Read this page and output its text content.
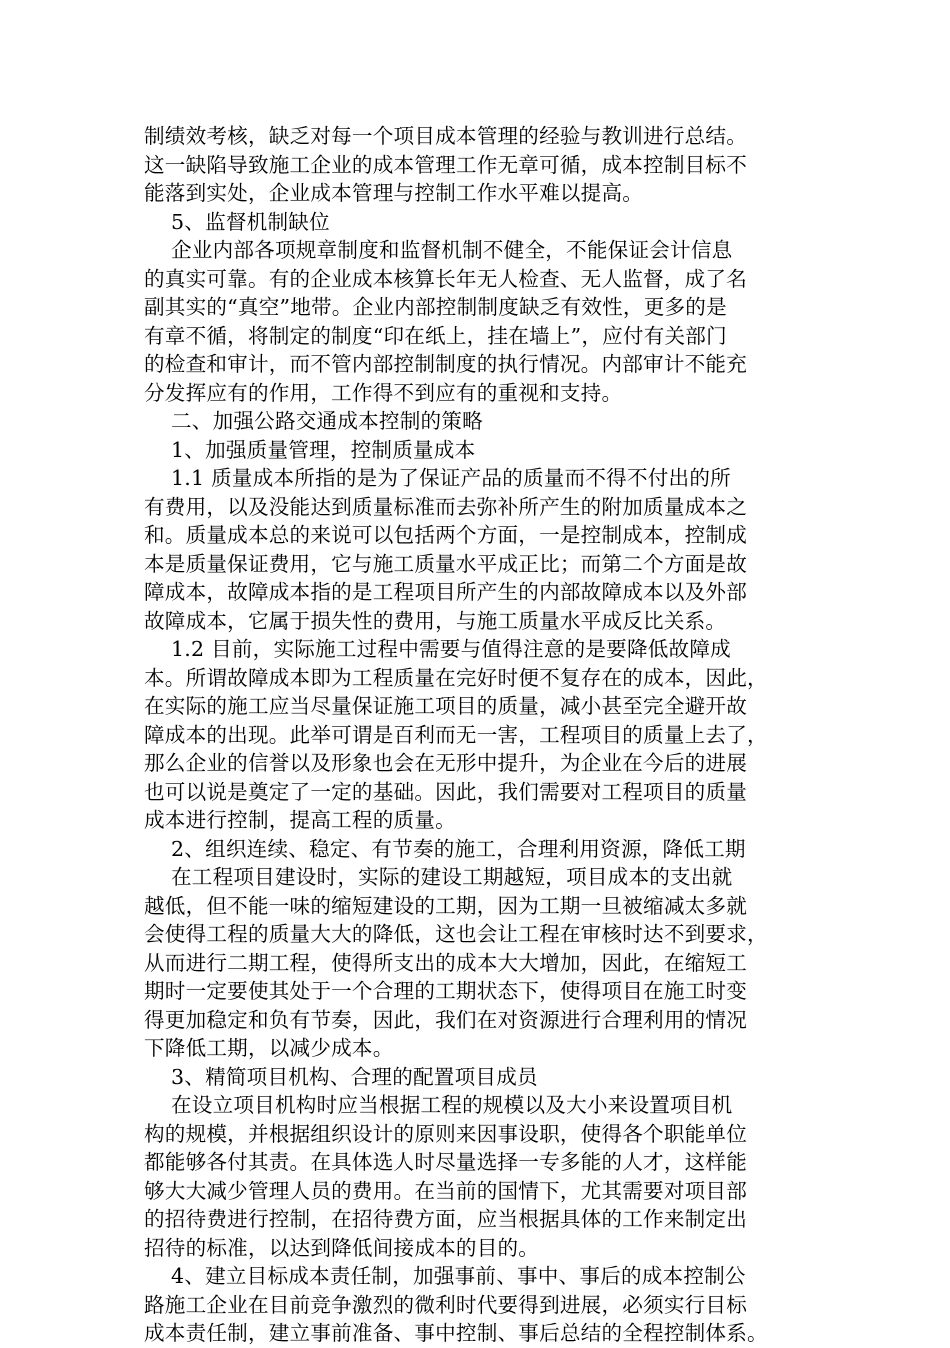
制绩效考核，缺乏对每一个项目成本管理的经验与教训进行总结。
这一缺陷导致施工企业的成本管理工作无章可循，成本控制目标不
能落到实处，企业成本管理与控制工作水平难以提高。
5、监督机制缺位
企业内部各项规章制度和监督机制不健全，不能保证会计信息
的真实可靠。有的企业成本核算长年无人检查、无人监督，成了名
副其实的“真空”地带。企业内部控制制度缺乏有效性，更多的是
有章不循，将制定的制度“印在纸上，挂在墙上”，应付有关部门
的检查和审计，而不管内部控制制度的执行情况。内部审计不能充
分发挥应有的作用，工作得不到应有的重视和支持。
二、加强公路交通成本控制的策略
1、加强质量管理，控制质量成本
1.1 质量成本所指的是为了保证产品的质量而不得不付出的所
有费用，以及没能达到质量标准而去弥补所产生的附加质量成本之
和。质量成本总的来说可以包括两个方面，一是控制成本，控制成
本是质量保证费用，它与施工质量水平成正比；而第二个方面是故
障成本，故障成本指的是工程项目所产生的内部故障成本以及外部
故障成本，它属于损失性的费用，与施工质量水平成反比关系。
1.2 目前，实际施工过程中需要与值得注意的是要降低故障成
本。所谓故障成本即为工程质量在完好时便不复存在的成本，因此，
在实际的施工应当尽量保证施工项目的质量，减小甚至完全避开故
障成本的出现。此举可谓是百利而无一害，工程项目的质量上去了，
那么企业的信誉以及形象也会在无形中提升，为企业在今后的进展
也可以说是奠定了一定的基础。因此，我们需要对工程项目的质量
成本进行控制，提高工程的质量。
2、组织连续、稳定、有节奏的施工，合理利用资源，降低工期
在工程项目建设时，实际的建设工期越短，项目成本的支出就
越低，但不能一味的缩短建设的工期，因为工期一旦被缩减太多就
会使得工程的质量大大的降低，这也会让工程在审核时达不到要求，
从而进行二期工程，使得所支出的成本大大增加，因此，在缩短工
期时一定要使其处于一个合理的工期状态下，使得项目在施工时变
得更加稳定和负有节奏，因此，我们在对资源进行合理利用的情况
下降低工期，以减少成本。
3、精简项目机构、合理的配置项目成员
在设立项目机构时应当根据工程的规模以及大小来设置项目机
构的规模，并根据组织设计的原则来因事设职，使得各个职能单位
都能够各付其责。在具体选人时尽量选择一专多能的人才，这样能
够大大减少管理人员的费用。在当前的国情下，尤其需要对项目部
的招待费进行控制，在招待费方面，应当根据具体的工作来制定出
招待的标准，以达到降低间接成本的目的。
4、建立目标成本责任制，加强事前、事中、事后的成本控制公
路施工企业在目前竞争激烈的微利时代要得到进展，必须实行目标
成本责任制，建立事前准备、事中控制、事后总结的全程控制体系。
